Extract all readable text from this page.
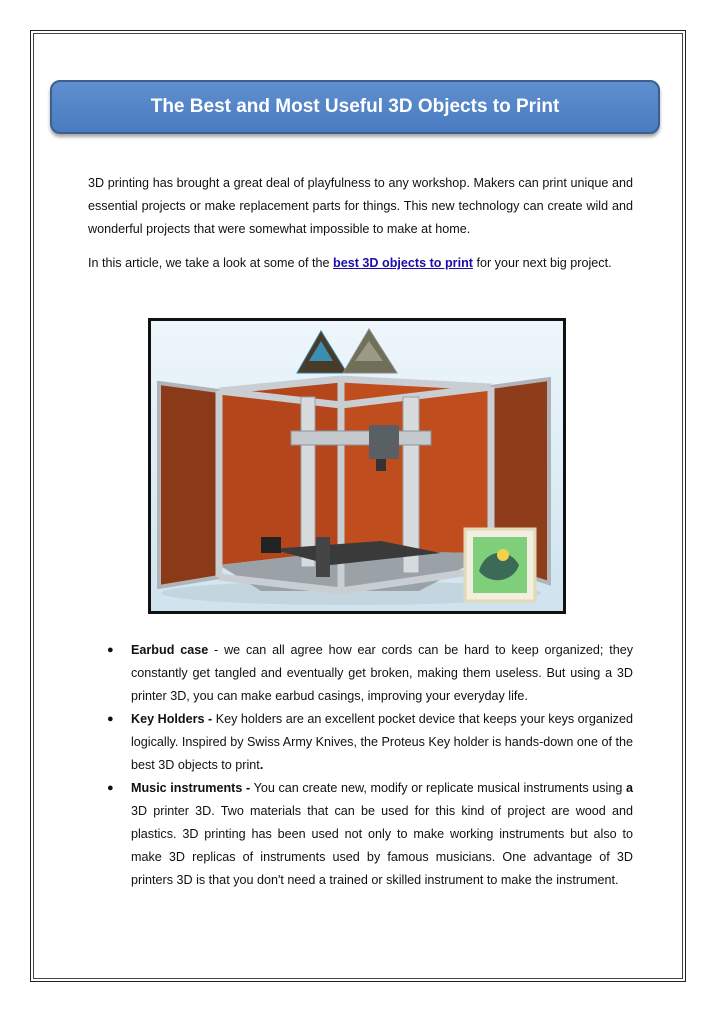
The Best and Most Useful 3D Objects to Print

3D printing has brought a great deal of playfulness to any workshop. Makers can print unique and essential projects or make replacement parts for things. This new technology can create wild and wonderful projects that were somewhat impossible to make at home.

In this article, we take a look at some of the best 3D objects to print for your next big project.

● Earbud case - we can all agree how ear cords can be hard to keep organized; they constantly get tangled and eventually get broken, making them useless. But using a 3D printer 3D, you can make earbud casings, improving your everyday life.
● Key Holders - Key holders are an excellent pocket device that keeps your keys organized logically. Inspired by Swiss Army Knives, the Proteus Key holder is hands-down one of the best 3D objects to print.
● Music instruments - You can create new, modify or replicate musical instruments using a 3D printer 3D. Two materials that can be used for this kind of project are wood and plastics. 3D printing has been used not only to make working instruments but also to make 3D replicas of instruments used by famous musicians. One advantage of 3D printers 3D is that you don't need a trained or skilled instrument to make the instrument.
